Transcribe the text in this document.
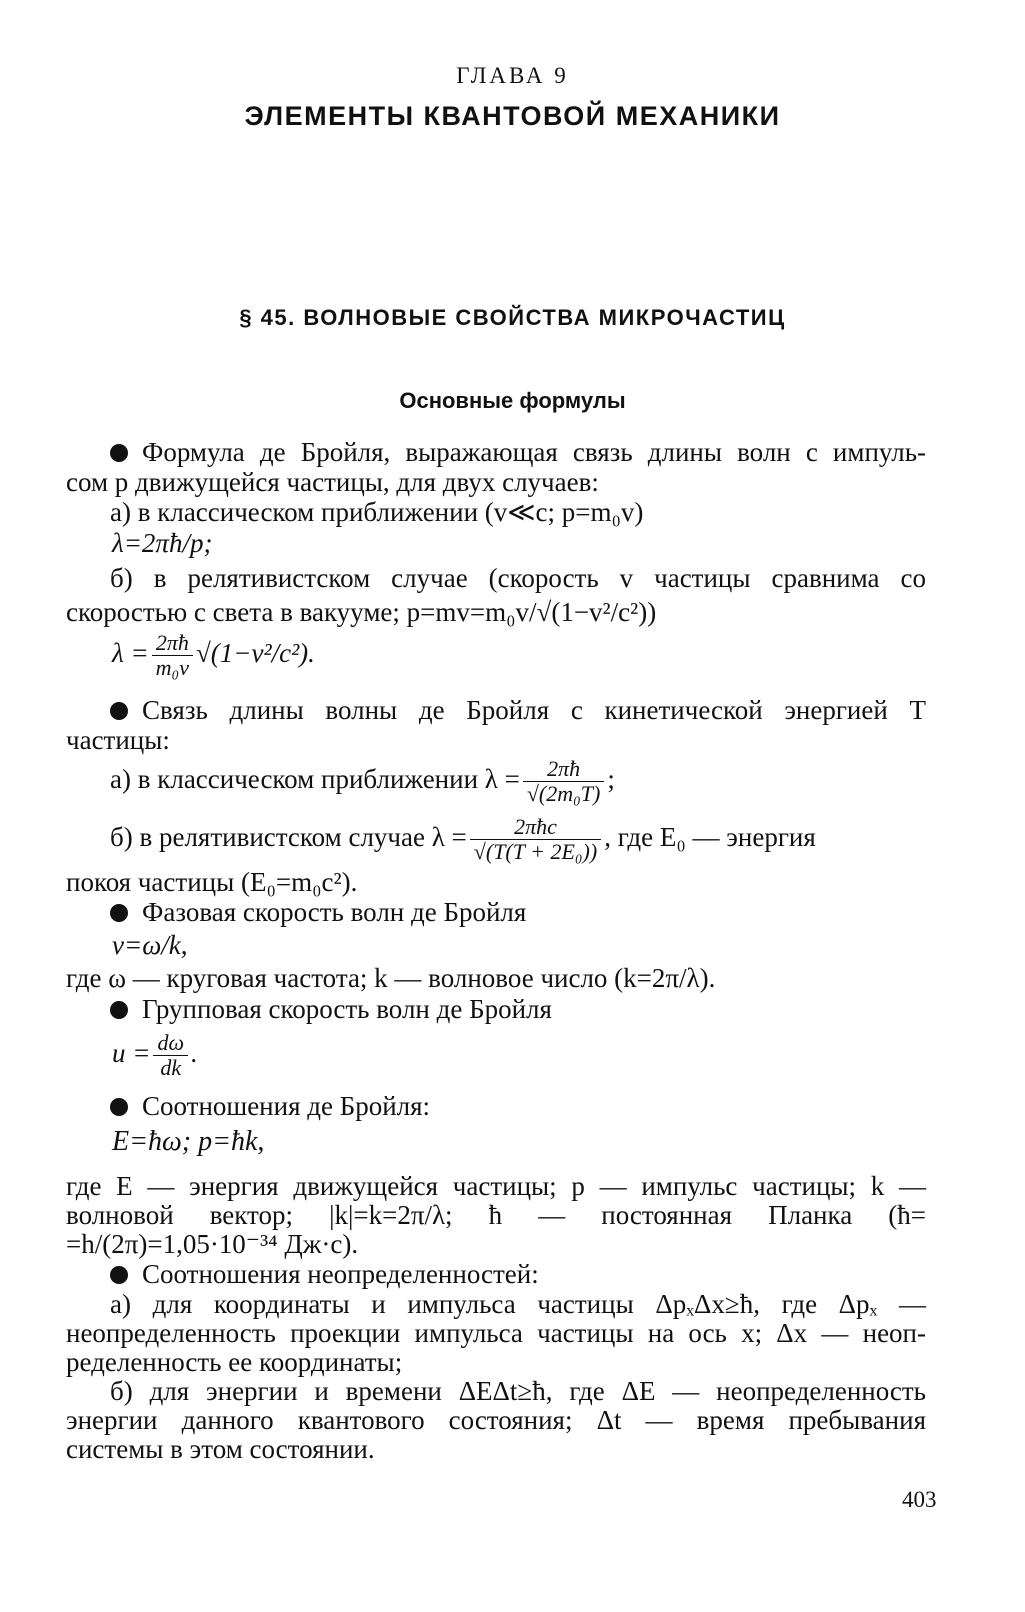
ГЛАВА 9
ЭЛЕМЕНТЫ КВАНТОВОЙ МЕХАНИКИ
§ 45. ВОЛНОВЫЕ СВОЙСТВА МИКРОЧАСТИЦ
Основные формулы
Формула де Бройля, выражающая связь длины волн с импуль-
сом p движущейся частицы, для двух случаев:
а) в классическом приближении (v≪c; p=m₀v)
λ=2πħ/p;
б) в релятивистском случае (скорость v частицы сравнима со
скоростью c света в вакууме; p=mv=m₀v/√(1−v²/c²))
$\lambda = \frac{2\pi ħ}{\text{m₀v}} √(1-v^2/c^2)$.
Связь длины волны де Бройля с кинетической энергией T
частицы:
а) в классическом приближении $\lambda = \frac{2\pi ħ}{\text{√(2m₀T)}}$ ;
б) в релятивистском случае $\lambda = \frac{\text{2πħc}}{\text{√(T(T + 2E₀))}}$ , где E₀ — энергия
покоя частицы (E₀=m₀c²).
Фазовая скорость волн де Бройля
v=ω/k,
где ω — круговая частота; k — волновое число (k=2π/λ).
Групповая скорость волн де Бройля
$u = \frac{d\omega}{dk}$ .
Соотношения де Бройля:
E=ħω; p=ħk,
где E — энергия движущейся частицы; p — импульс частицы; k —
волновой вектор; |k|=k=2π/λ; ħ — постоянная Планка (ħ=
=h/(2π)=1,05·10⁻³⁴ Дж·с).
Соотношения неопределенностей:
а) для координаты и импульса частицы ΔpₓΔx≥ħ, где Δpₓ —
неопределенность проекции импульса частицы на ось x; Δx — неоп-
ределенность ее координаты;
б) для энергии и времени ΔEΔt≥ħ, где ΔE — неопределенность
энергии данного квантового состояния; Δt — время пребывания
системы в этом состоянии.
403
